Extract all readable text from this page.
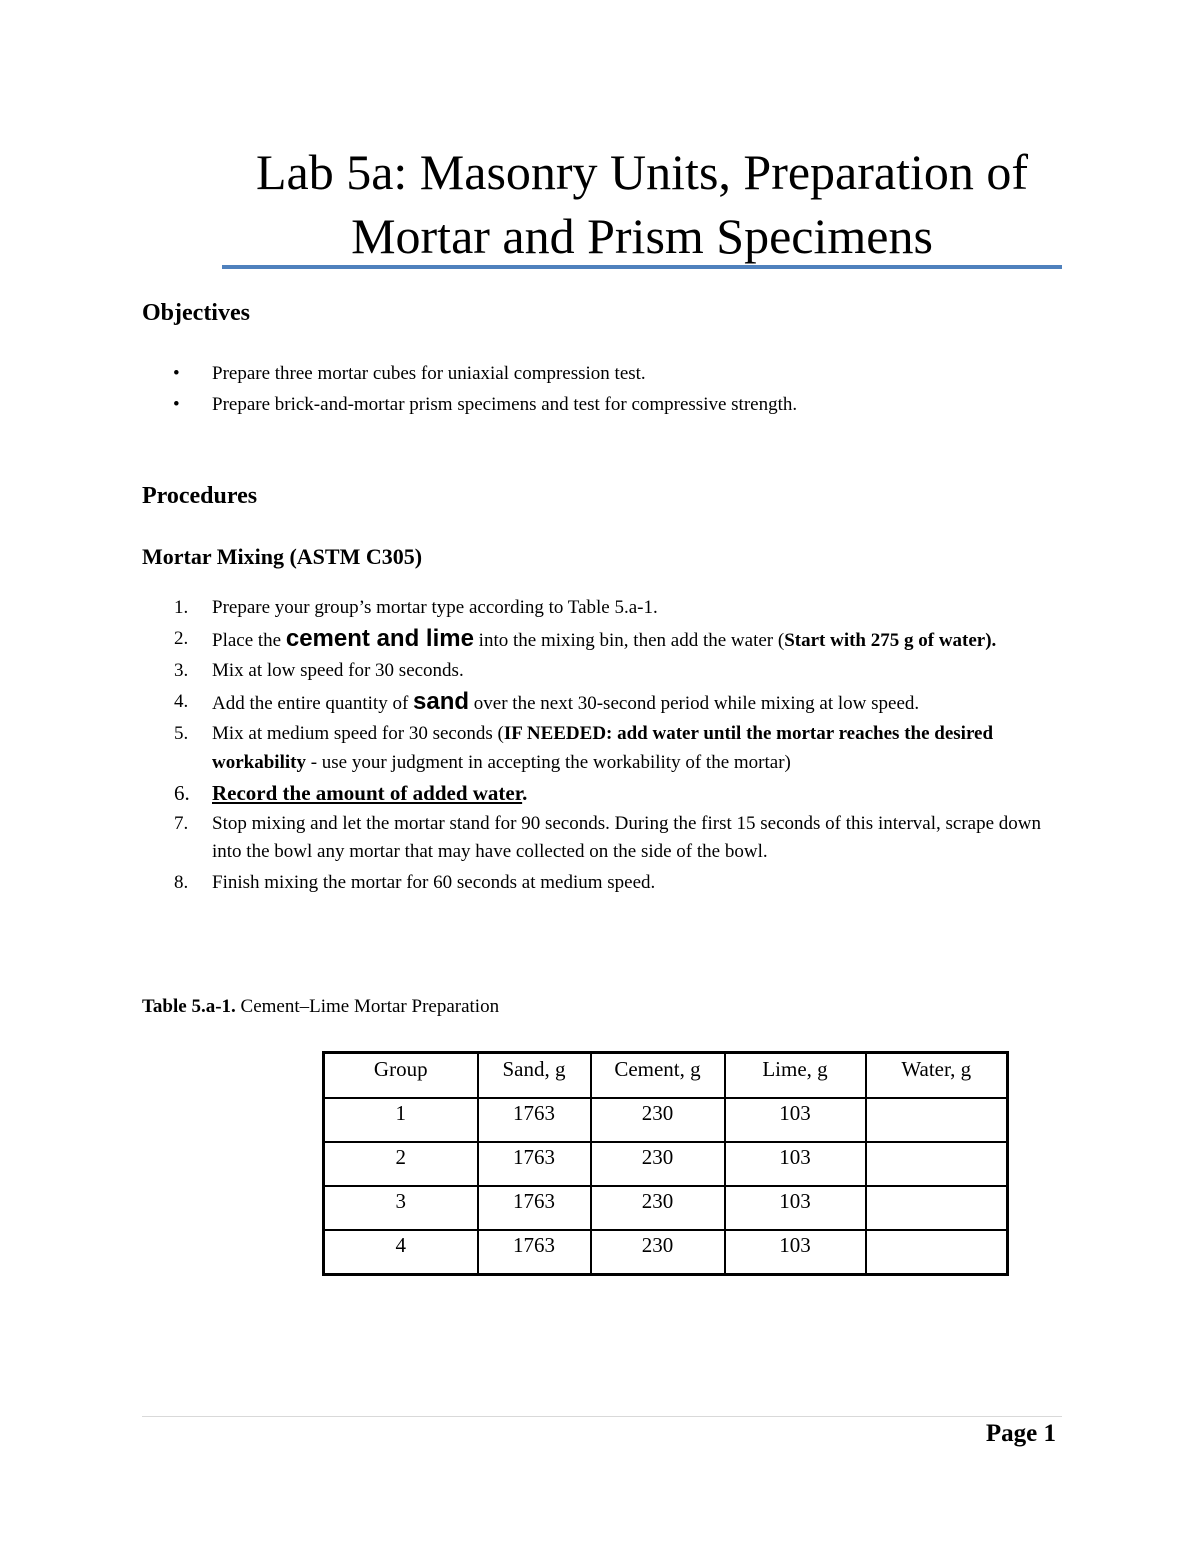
Lab 5a: Masonry Units, Preparation of
Mortar and Prism Specimens
Objectives
• Prepare three mortar cubes for uniaxial compression test.
• Prepare brick-and-mortar prism specimens and test for compressive strength.
Procedures
Mortar Mixing (ASTM C305)
1. Prepare your group’s mortar type according to Table 5.a-1.
2. Place the cement and lime into the mixing bin, then add the water (Start with 275 g of water).
3. Mix at low speed for 30 seconds.
4. Add the entire quantity of sand over the next 30-second period while mixing at low speed.
5. Mix at medium speed for 30 seconds (IF NEEDED: add water until the mortar reaches the desired workability - use your judgment in accepting the workability of the mortar)
6. Record the amount of added water.
7. Stop mixing and let the mortar stand for 90 seconds. During the first 15 seconds of this interval, scrape down into the bowl any mortar that may have collected on the side of the bowl.
8. Finish mixing the mortar for 60 seconds at medium speed.
Table 5.a-1. Cement–Lime Mortar Preparation
Group	Sand, g	Cement, g	Lime, g	Water, g
1	1763	230	103	
2	1763	230	103	
3	1763	230	103	
4	1763	230	103	
Page 1
